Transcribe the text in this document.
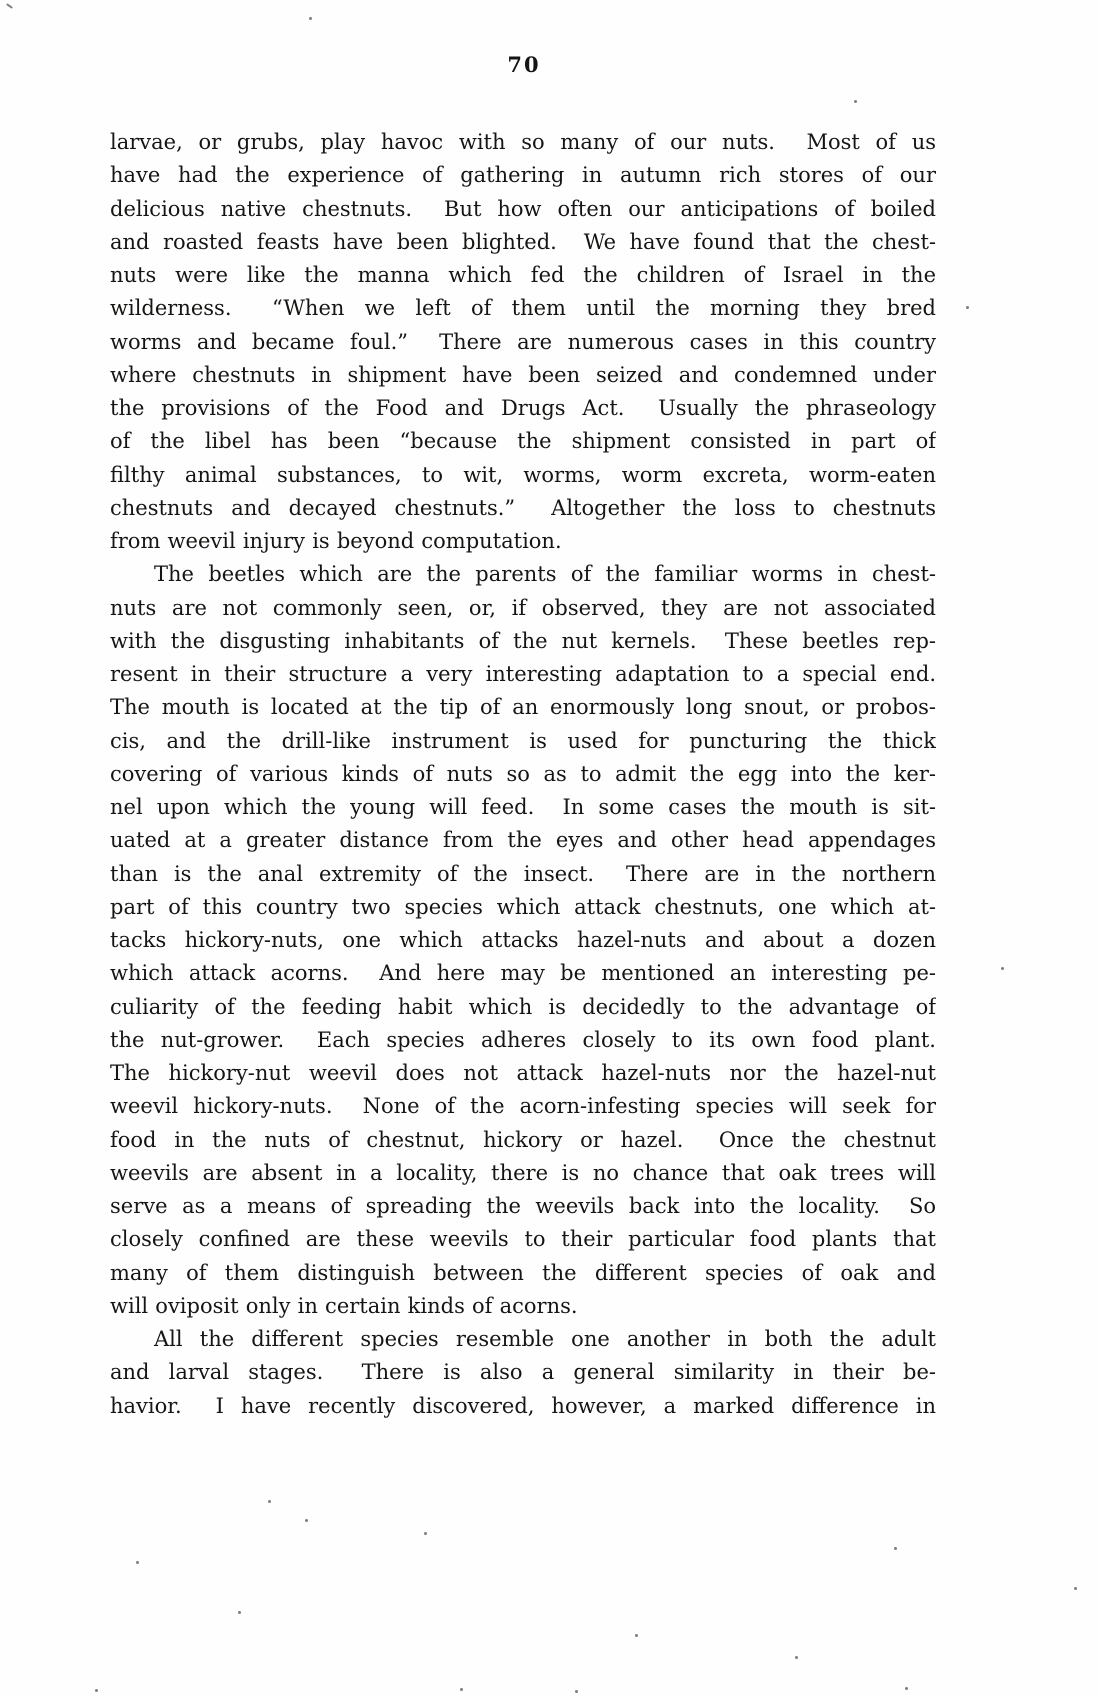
70
larvae, or grubs, play havoc with so many of our nuts.  Most of us
have had the experience of gathering in autumn rich stores of our
delicious native chestnuts.  But how often our anticipations of boiled
and roasted feasts have been blighted.  We have found that the chest-
nuts were like the manna which fed the children of Israel in the
wilderness.  “When we left of them until the morning they bred
worms and became foul.”  There are numerous cases in this country
where chestnuts in shipment have been seized and condemned under
the provisions of the Food and Drugs Act.  Usually the phraseology
of the libel has been “because the shipment consisted in part of
filthy animal substances, to wit, worms, worm excreta, worm-eaten
chestnuts and decayed chestnuts.”  Altogether the loss to chestnuts
from weevil injury is beyond computation.
The beetles which are the parents of the familiar worms in chest-
nuts are not commonly seen, or, if observed, they are not associated
with the disgusting inhabitants of the nut kernels.  These beetles rep-
resent in their structure a very interesting adaptation to a special end.
The mouth is located at the tip of an enormously long snout, or probos-
cis, and the drill-like instrument is used for puncturing the thick
covering of various kinds of nuts so as to admit the egg into the ker-
nel upon which the young will feed.  In some cases the mouth is sit-
uated at a greater distance from the eyes and other head appendages
than is the anal extremity of the insect.  There are in the northern
part of this country two species which attack chestnuts, one which at-
tacks hickory-nuts, one which attacks hazel-nuts and about a dozen
which attack acorns.  And here may be mentioned an interesting pe-
culiarity of the feeding habit which is decidedly to the advantage of
the nut-grower.  Each species adheres closely to its own food plant.
The hickory-nut weevil does not attack hazel-nuts nor the hazel-nut
weevil hickory-nuts.  None of the acorn-infesting species will seek for
food in the nuts of chestnut, hickory or hazel.  Once the chestnut
weevils are absent in a locality, there is no chance that oak trees will
serve as a means of spreading the weevils back into the locality.  So
closely confined are these weevils to their particular food plants that
many of them distinguish between the different species of oak and
will oviposit only in certain kinds of acorns.
All the different species resemble one another in both the adult
and larval stages.  There is also a general similarity in their be-
havior.  I have recently discovered, however, a marked difference in
